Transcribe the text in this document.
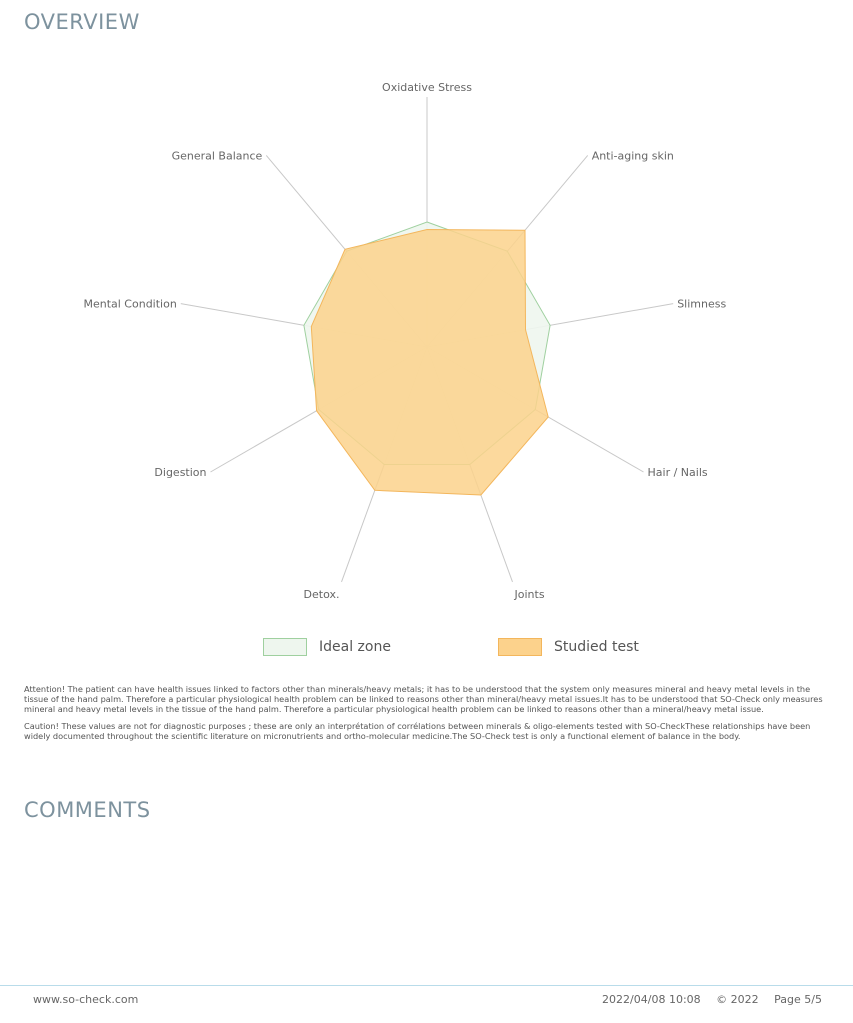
OVERVIEW
Oxidative Stress
Anti-aging skin
Slimness
Hair / Nails
Joints
Detox.
Digestion
Mental Condition
General Balance
Ideal zone	Studied test

Attention! The patient can have health issues linked to factors other than minerals/heavy metals; it has to be understood that the system only measures mineral and heavy metal levels in the tissue of the hand palm. Therefore a particular physiological health problem can be linked to reasons other than mineral/heavy metal issues.It has to be understood that SO-Check only measures mineral and heavy metal levels in the tissue of the hand palm. Therefore a particular physiological health problem can be linked to reasons other than a mineral/heavy metal issue.

Caution! These values are not for diagnostic purposes ; these are only an interprétation of corrélations between minerals & oligo-elements tested with SO-CheckThese relationships have been widely documented throughout the scientific literature on micronutrients and ortho-molecular medicine.The SO-Check test is only a functional element of balance in the body.

COMMENTS
www.so-check.com	2022/04/08 10:08 © 2022 Page 5/5
